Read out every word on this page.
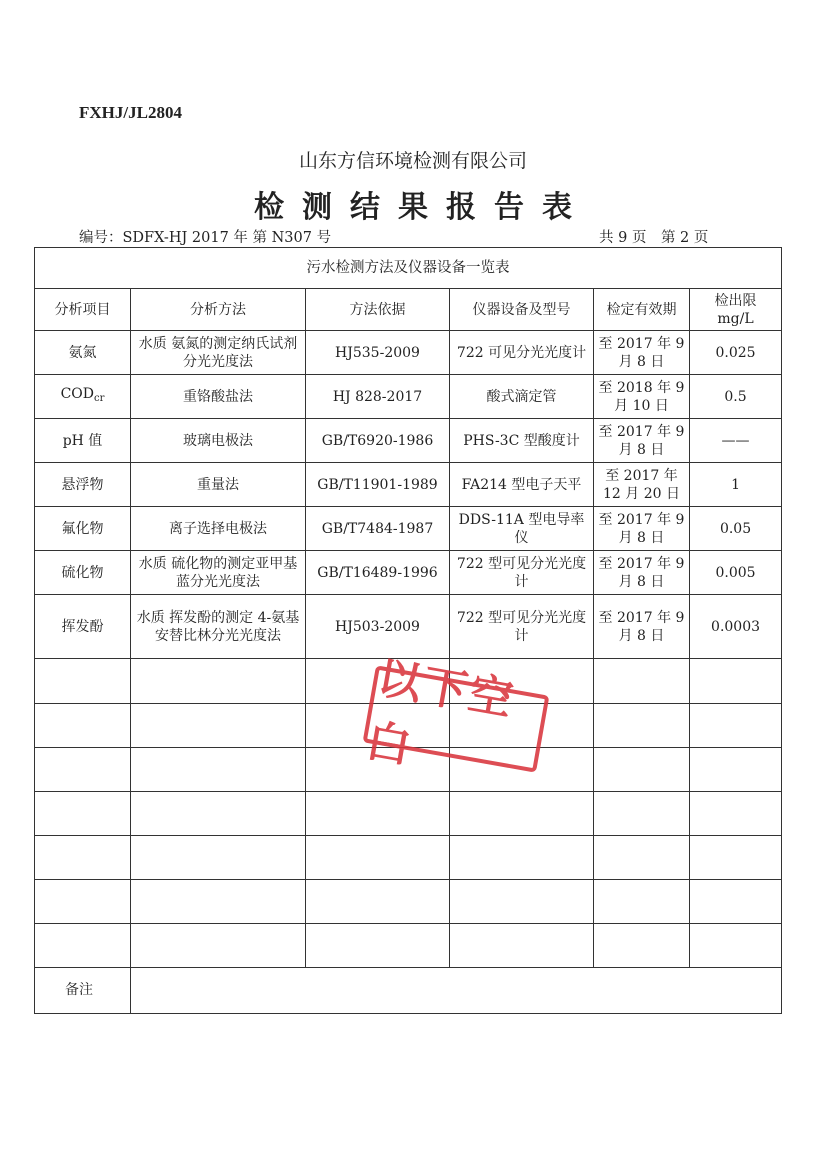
FXHJ/JL2804
山东方信环境检测有限公司
检测结果报告表
编号：SDFX-HJ 2017 年 第 N307 号	共 9 页　第 2 页
污水检测方法及仪器设备一览表					
分析项目	分析方法	方法依据	仪器设备及型号	检定有效期	检出限
mg/L

氨氮	水质 氨氮的测定纳氏试剂分光光度法	HJ535-2009	722 可见分光光度计	至 2017 年 9 月 8 日	0.025
$COD_{cr}$	重铬酸盐法	HJ 828-2017	酸式滴定管	至 2018 年 9 月 10 日	0.5
pH 值	玻璃电极法	GB/T6920-1986	PHS-3C 型酸度计	至 2017 年 9 月 8 日	——
悬浮物	重量法	GB/T11901-1989	FA214 型电子天平	至 2017 年 12 月 20 日	1
氟化物	离子选择电极法	GB/T7484-1987	DDS-11A 型电导率仪	至 2017 年 9 月 8 日	0.05
硫化物	水质 硫化物的测定亚甲基蓝分光光度法	GB/T16489-1996	722 型可见分光光度计	至 2017 年 9 月 8 日	0.005
挥发酚	水质 挥发酚的测定 4-氨基安替比林分光光度法	HJ503-2009	722 型可见分光光度计	至 2017 年 9 月 8 日	0.0003

备注					
以下空白
